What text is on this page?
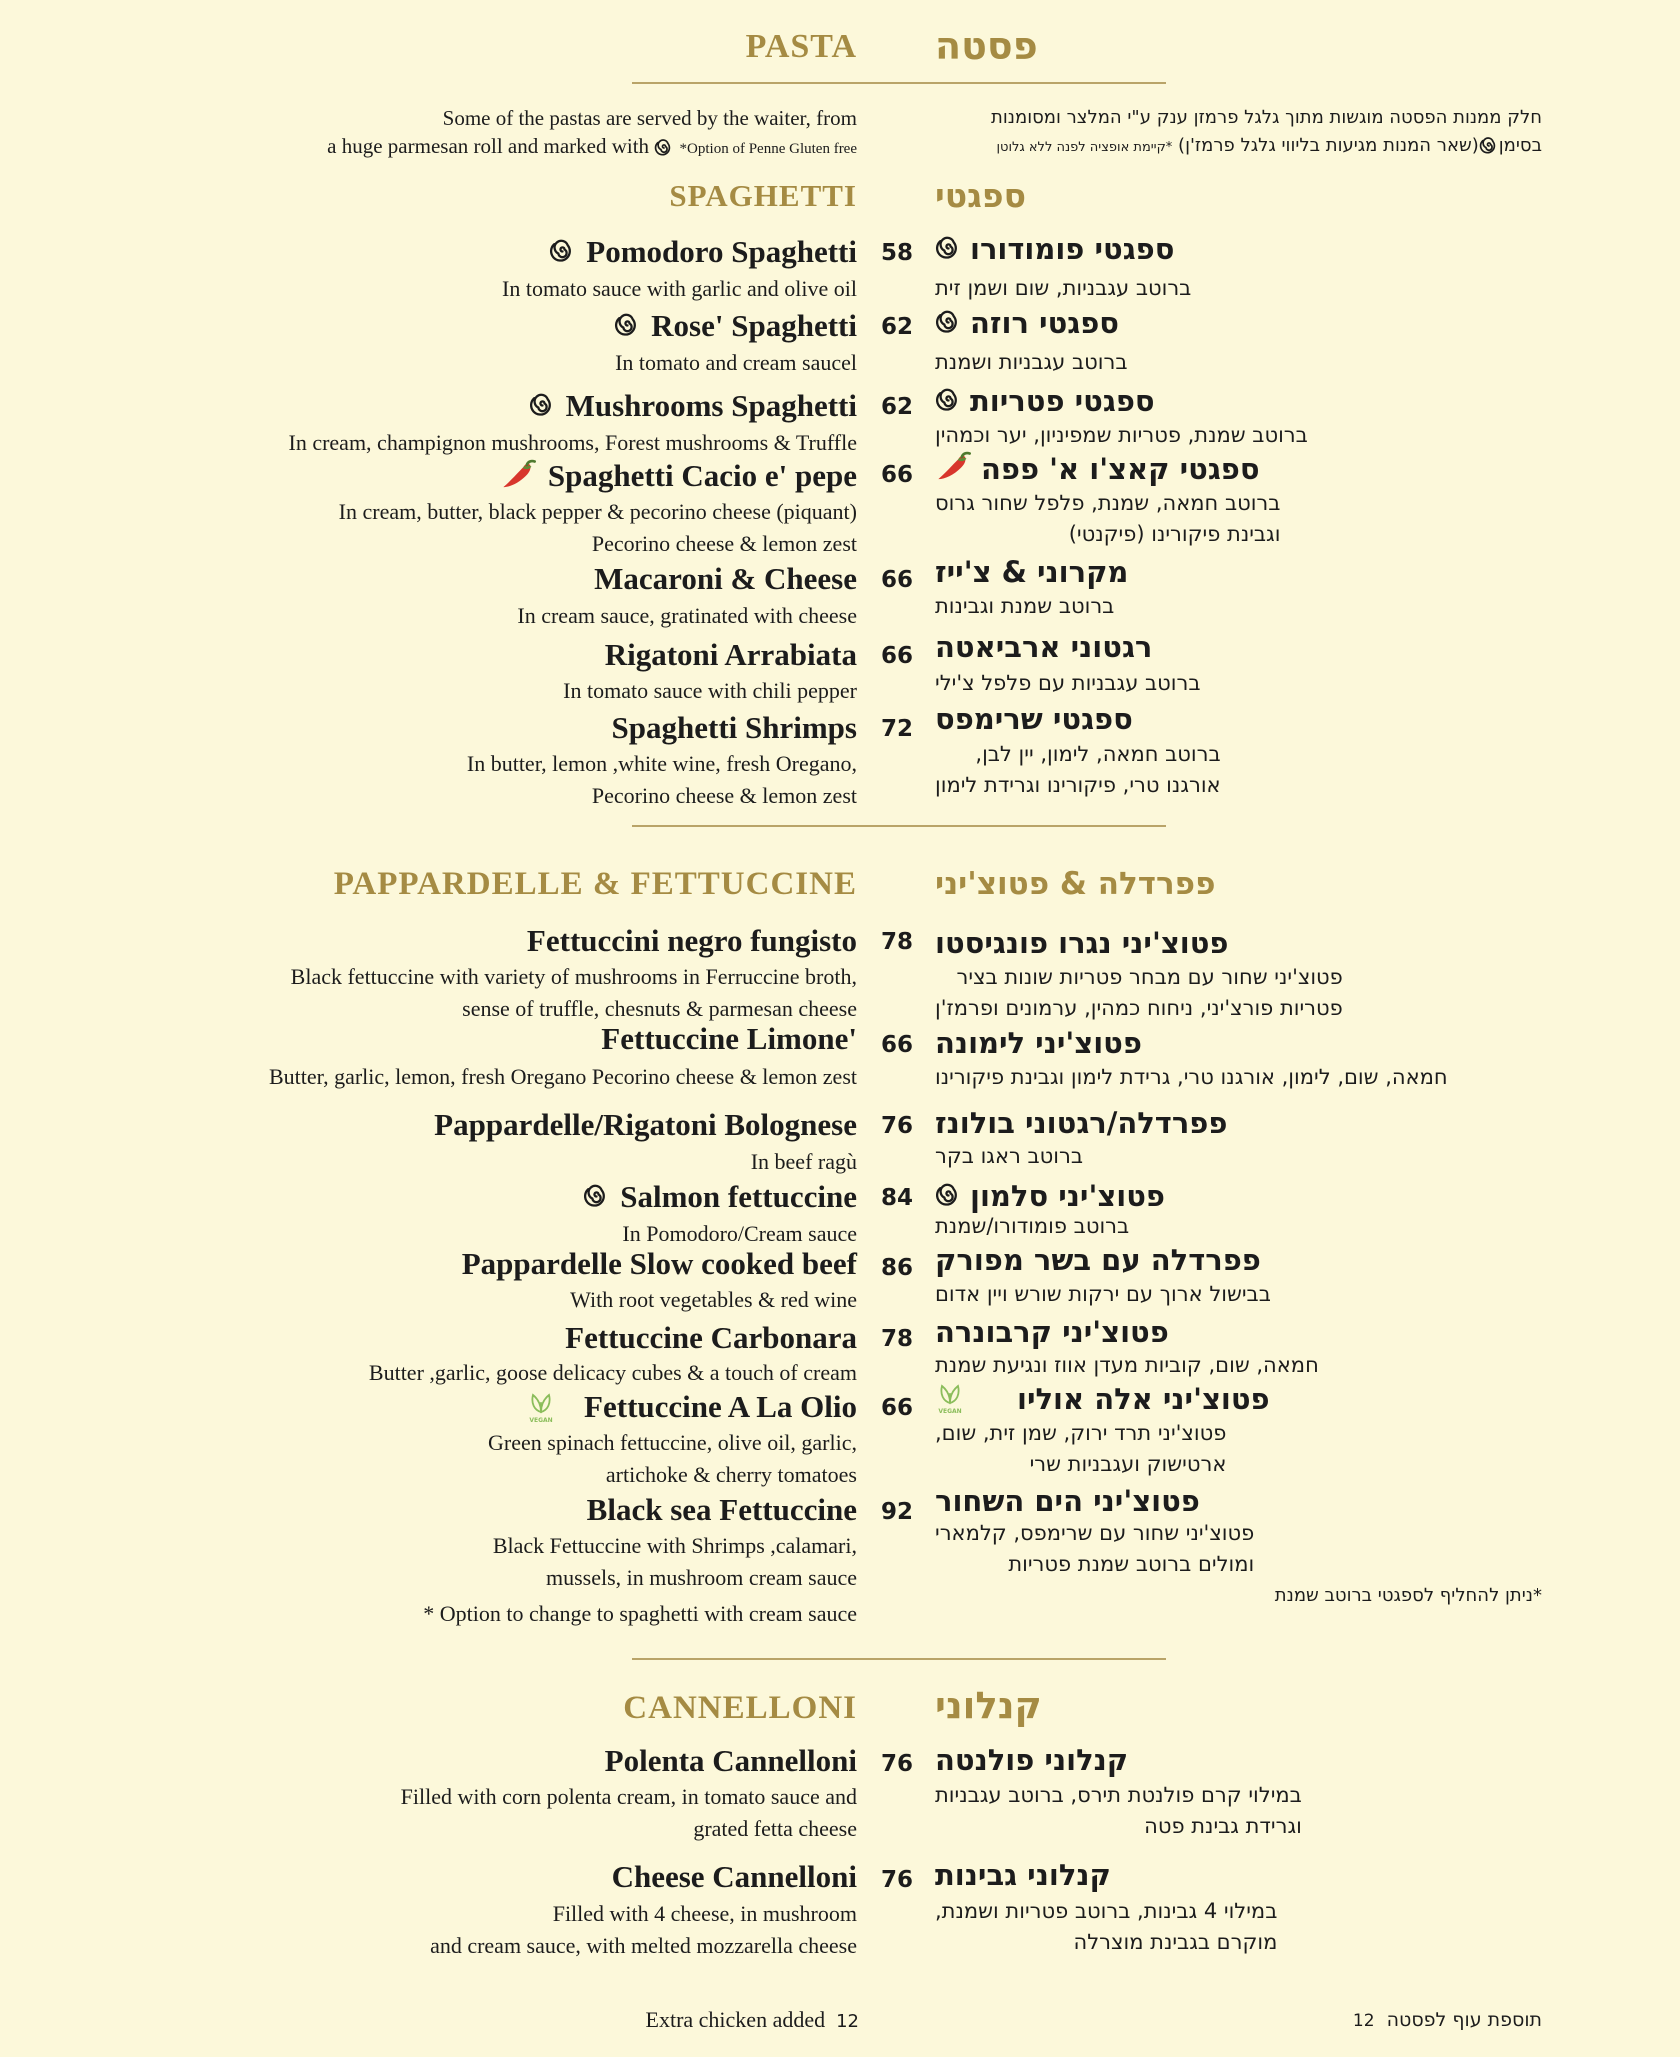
PASTA פסטה
Some of the pastas are served by the waiter, from
a huge parmesan roll and marked with *Option of Penne Gluten free
חלק ממנות הפסטה מוגשות מתוך גלגל פרמזן ענק ע"י המלצר ומסומנות
בסימן(שאר המנות מגיעות בליווי גלגל פרמז'ן) *קיימת אופציה לפנה ללא גלוטן
SPAGHETTI ספגטי
Pomodoro Spaghetti
In tomato sauce with garlic and olive oil
58	ספגטי פומודורו
ברוטב עגבניות, שום ושמן זית
Rose' Spaghetti
In tomato and cream saucel
62	ספגטי רוזה
ברוטב עגבניות ושמנת
Mushrooms Spaghetti
In cream, champignon mushrooms, Forest mushrooms & Truffle
62	ספגטי פטריות
ברוטב שמנת, פטריות שמפיניון, יער וכמהין
Spaghetti Cacio e' pepe
In cream, butter, black pepper & pecorino cheese (piquant)
Pecorino cheese & lemon zest
66	ספגטי קאצ'ו א' פפה
ברוטב חמאה, שמנת, פלפל שחור גרוס
וגבינת פיקורינו (פיקנטי)
Macaroni & Cheese
In cream sauce, gratinated with cheese
66 מקרוני & צ'ייז
ברוטב שמנת וגבינות
Rigatoni Arrabiata
In tomato sauce with chili pepper
66 רגטוני ארביאטה
ברוטב עגבניות עם פלפל צ'ילי
Spaghetti Shrimps
In butter, lemon ,white wine, fresh Oregano,
Pecorino cheese & lemon zest
72 ספגטי שרימפס
ברוטב חמאה, לימון, יין לבן,
אורגנו טרי, פיקורינו וגרידת לימון
PAPPARDELLE & FETTUCCINE	פפרדלה & פטוצ'יני
Fettuccini negro fungisto
Black fettuccine with variety of mushrooms in Ferruccine broth,
sense of truffle, chesnuts & parmesan cheese
78 פטוצ'יני נגרו פונגיסטו
פטוצ'יני שחור עם מבחר פטריות שונות בציר
פטריות פורצ'יני, ניחוח כמהין, ערמונים ופרמז'ן
Fettuccine Limone'
Butter, garlic, lemon, fresh Oregano Pecorino cheese & lemon zest
66 פטוצ'יני לימונה
חמאה, שום, לימון, אורגנו טרי, גרידת לימון וגבינת פיקורינו
Pappardelle/Rigatoni Bolognese
In beef ragù
76 פפרדלה/רגטוני בולונז
ברוטב ראגו בקר
Salmon fettuccine
In Pomodoro/Cream sauce
84	פטוצ'יני סלמון
ברוטב פומודורו/שמנת
Pappardelle Slow cooked beef
With root vegetables & red wine
86 פפרדלה עם בשר מפורק
בבישול ארוך עם ירקות שורש ויין אדום
Fettuccine Carbonara
Butter ,garlic, goose delicacy cubes & a touch of cream
78 פטוצ'יני קרבונרה
חמאה, שום, קוביות מעדן אווז ונגיעת שמנת
Fettuccine A La Olio
Green spinach fettuccine, olive oil, garlic,
artichoke & cherry tomatoes
66	פטוצ'יני אלה אוליו
פטוצ'יני תרד ירוק, שמן זית, שום,
ארטישוק ועגבניות שרי
Black sea Fettuccine
Black Fettuccine with Shrimps ,calamari,
mussels, in mushroom cream sauce
92 פטוצ'יני הים השחור
פטוצ'יני שחור עם שרימפס, קלמארי
ומולים ברוטב שמנת פטריות
* Option to change to spaghetti with cream sauce
*ניתן להחליף לספגטי ברוטב שמנת
CANNELLONI קנלוני
Polenta Cannelloni
Filled with corn polenta cream, in tomato sauce and
grated fetta cheese
76 קנלוני פולנטה
במילוי קרם פולנטת תירס, ברוטב עגבניות
וגרידת גבינת פטה
Cheese Cannelloni
Filled with 4 cheese, in mushroom
and cream sauce, with melted mozzarella cheese
76 קנלוני גבינות
במילוי 4 גבינות, ברוטב פטריות ושמנת,
מוקרם בגבינת מוצרלה
Extra chicken added 12	תוספת עוף לפסטה  12
